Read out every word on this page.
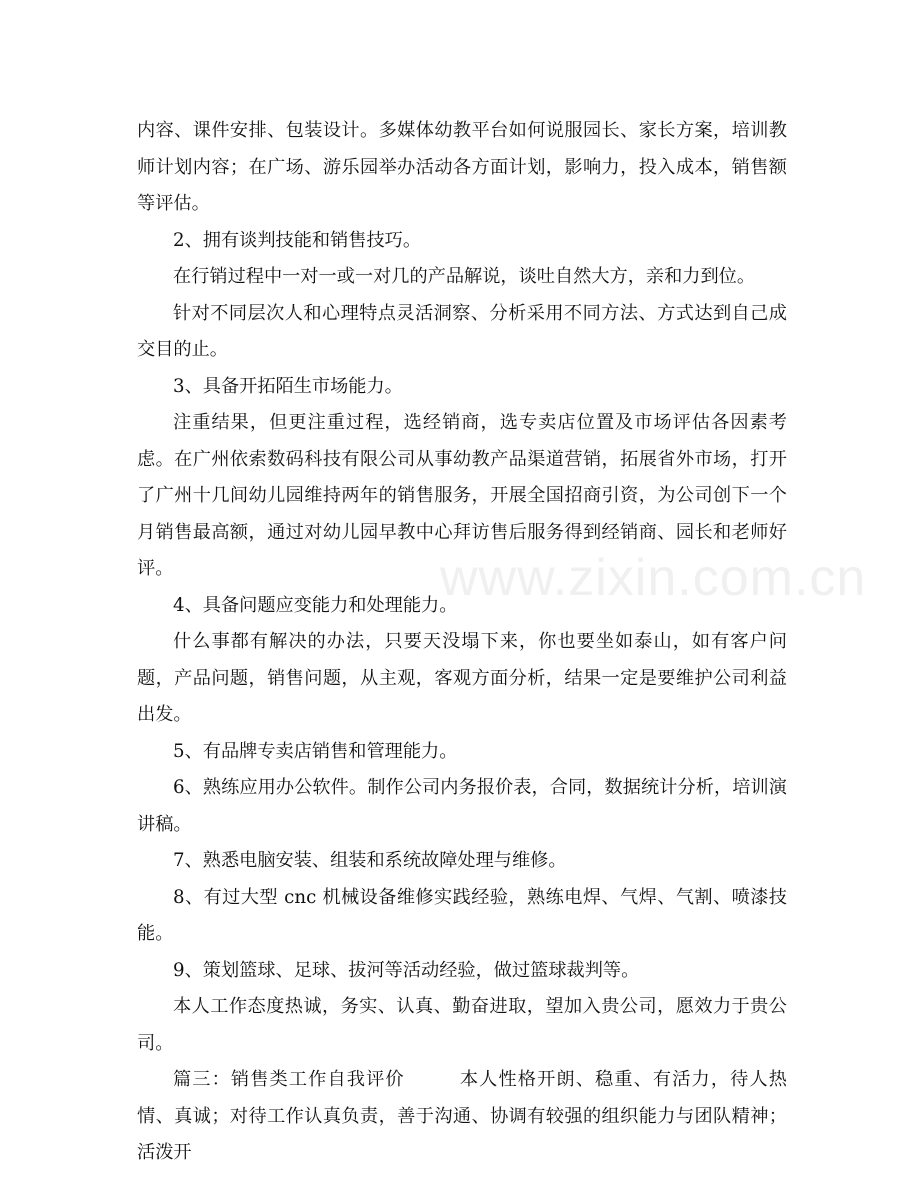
www.zixin.com.cn

内容、课件安排、包装设计。多媒体幼教平台如何说服园长、家长方案，培训教师计划内容；在广场、游乐园举办活动各方面计划，影响力，投入成本，销售额等评估。

2、拥有谈判技能和销售技巧。

在行销过程中一对一或一对几的产品解说，谈吐自然大方，亲和力到位。

针对不同层次人和心理特点灵活洞察、分析采用不同方法、方式达到自己成交目的止。

3、具备开拓陌生市场能力。

注重结果，但更注重过程，选经销商，选专卖店位置及市场评估各因素考虑。在广州依索数码科技有限公司从事幼教产品渠道营销，拓展省外市场，打开了广州十几间幼儿园维持两年的销售服务，开展全国招商引资，为公司创下一个月销售最高额，通过对幼儿园早教中心拜访售后服务得到经销商、园长和老师好评。

4、具备问题应变能力和处理能力。

什么事都有解决的办法，只要天没塌下来，你也要坐如泰山，如有客户问题，产品问题，销售问题，从主观，客观方面分析，结果一定是要维护公司利益出发。

5、有品牌专卖店销售和管理能力。

6、熟练应用办公软件。制作公司内务报价表，合同，数据统计分析，培训演讲稿。

7、熟悉电脑安装、组装和系统故障处理与维修。

8、有过大型 cnc 机械设备维修实践经验，熟练电焊、气焊、气割、喷漆技能。

9、策划篮球、足球、拔河等活动经验，做过篮球裁判等。

本人工作态度热诚，务实、认真、勤奋进取，望加入贵公司，愿效力于贵公司。

篇三：销售类工作自我评价	本人性格开朗、稳重、有活力，待人热情、真诚；对待工作认真负责，善于沟通、协调有较强的组织能力与团队精神；活泼开
